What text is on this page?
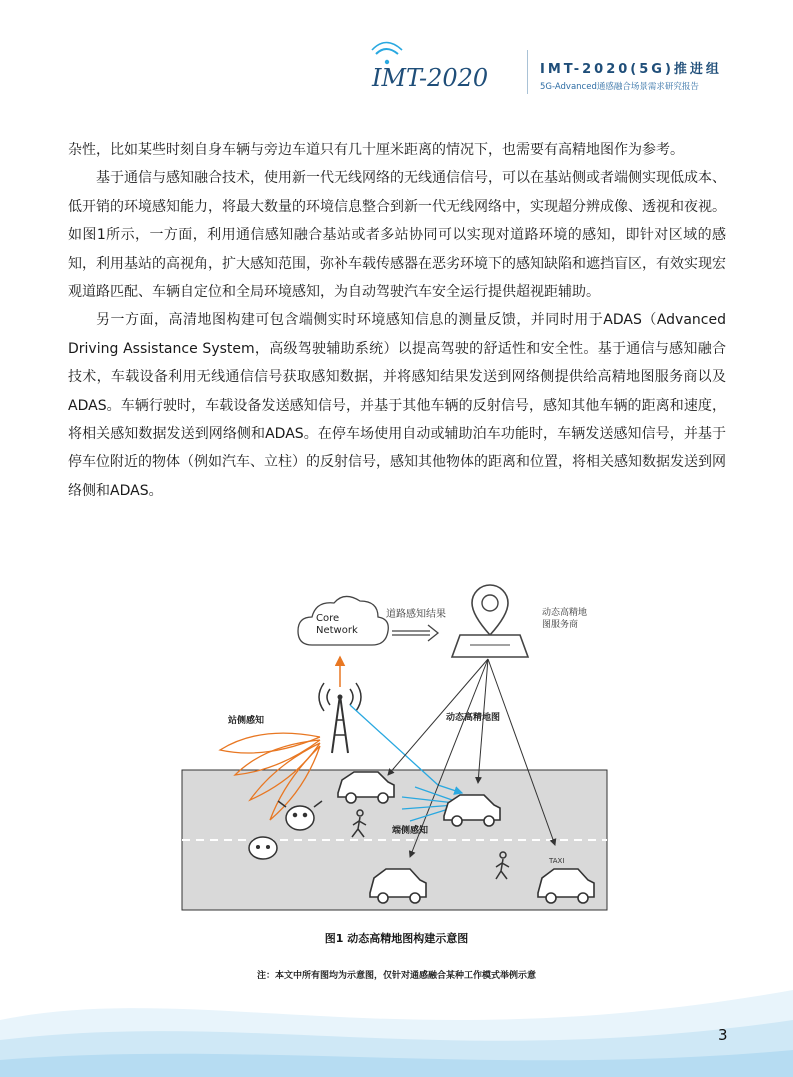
IMT-2020	IMT-2020(5G)推进组
5G-Advanced通感融合场景需求研究报告

杂性，比如某些时刻自身车辆与旁边车道只有几十厘米距离的情况下，也需要有高精地图作为参考。

基于通信与感知融合技术，使用新一代无线网络的无线通信信号，可以在基站侧或者端侧实现低成本、低开销的环境感知能力，将最大数量的环境信息整合到新一代无线网络中，实现超分辨成像、透视和夜视。如图1所示，一方面，利用通信感知融合基站或者多站协同可以实现对道路环境的感知，即针对区域的感知，利用基站的高视角，扩大感知范围，弥补车载传感器在恶劣环境下的感知缺陷和遮挡盲区，有效实现宏观道路匹配、车辆自定位和全局环境感知，为自动驾驶汽车安全运行提供超视距辅助。

另一方面，高清地图构建可包含端侧实时环境感知信息的测量反馈，并同时用于ADAS（Advanced Driving Assistance System，高级驾驶辅助系统）以提高驾驶的舒适性和安全性。基于通信与感知融合技术，车载设备利用无线通信信号获取感知数据，并将感知结果发送到网络侧提供给高精地图服务商以及ADAS。车辆行驶时，车载设备发送感知信号，并基于其他车辆的反射信号，感知其他车辆的距离和速度，将相关感知数据发送到网络侧和ADAS。在停车场使用自动或辅助泊车功能时，车辆发送感知信号，并基于停车位附近的物体（例如汽车、立柱）的反射信号，感知其他物体的距离和位置，将相关感知数据发送到网络侧和ADAS。

Core
Network
道路感知结果	动态高精地
图服务商
站侧感知	动态高精地图
端侧感知
TAXI
图1 动态高精地图构建示意图
注：本文中所有图均为示意图，仅针对通感融合某种工作模式举例示意
3
